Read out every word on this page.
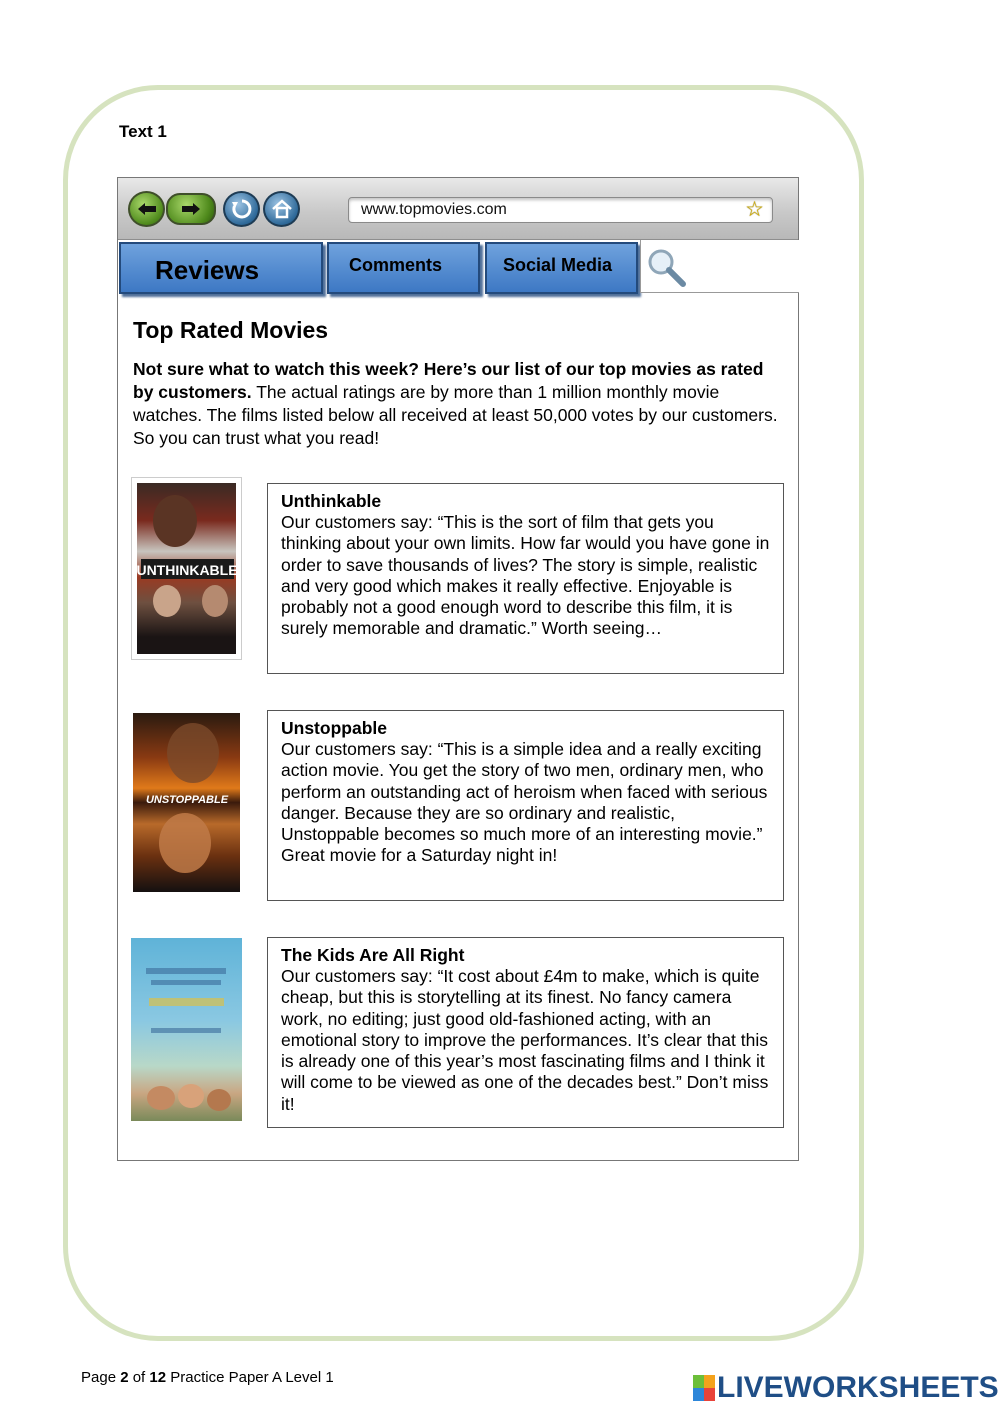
Text 1
www.topmovies.com	☆
Reviews	Comments	Social Media
Top Rated Movies
Not sure what to watch this week? Here’s our list of our top movies as rated by customers. The actual ratings are by more than 1 million monthly movie watches. The films listed below all received at least 50,000 votes by our customers. So you can trust what you read!
UNTHINKABLE
Unthinkable
Our customers say: “This is the sort of film that gets you thinking about your own limits. How far would you have gone in order to save thousands of lives? The story is simple, realistic and very good which makes it really effective. Enjoyable is probably not a good enough word to describe this film, it is surely memorable and dramatic.” Worth seeing…
UNSTOPPABLE
Unstoppable
Our customers say: “This is a simple idea and a really exciting action movie. You get the story of two men, ordinary men, who perform an outstanding act of heroism when faced with serious danger. Because they are so ordinary and realistic, Unstoppable becomes so much more of an interesting movie.” Great movie for a Saturday night in!
The Kids Are All Right
Our customers say: “It cost about £4m to make, which is quite cheap, but this is storytelling at its finest. No fancy camera work, no editing; just good old-fashioned acting, with an emotional story to improve the performances. It’s clear that this is already one of this year’s most fascinating films and I think it will come to be viewed as one of the decades best.” Don’t miss it!
Page 2 of 12 Practice Paper A Level 1	LIVEWORKSHEETS
